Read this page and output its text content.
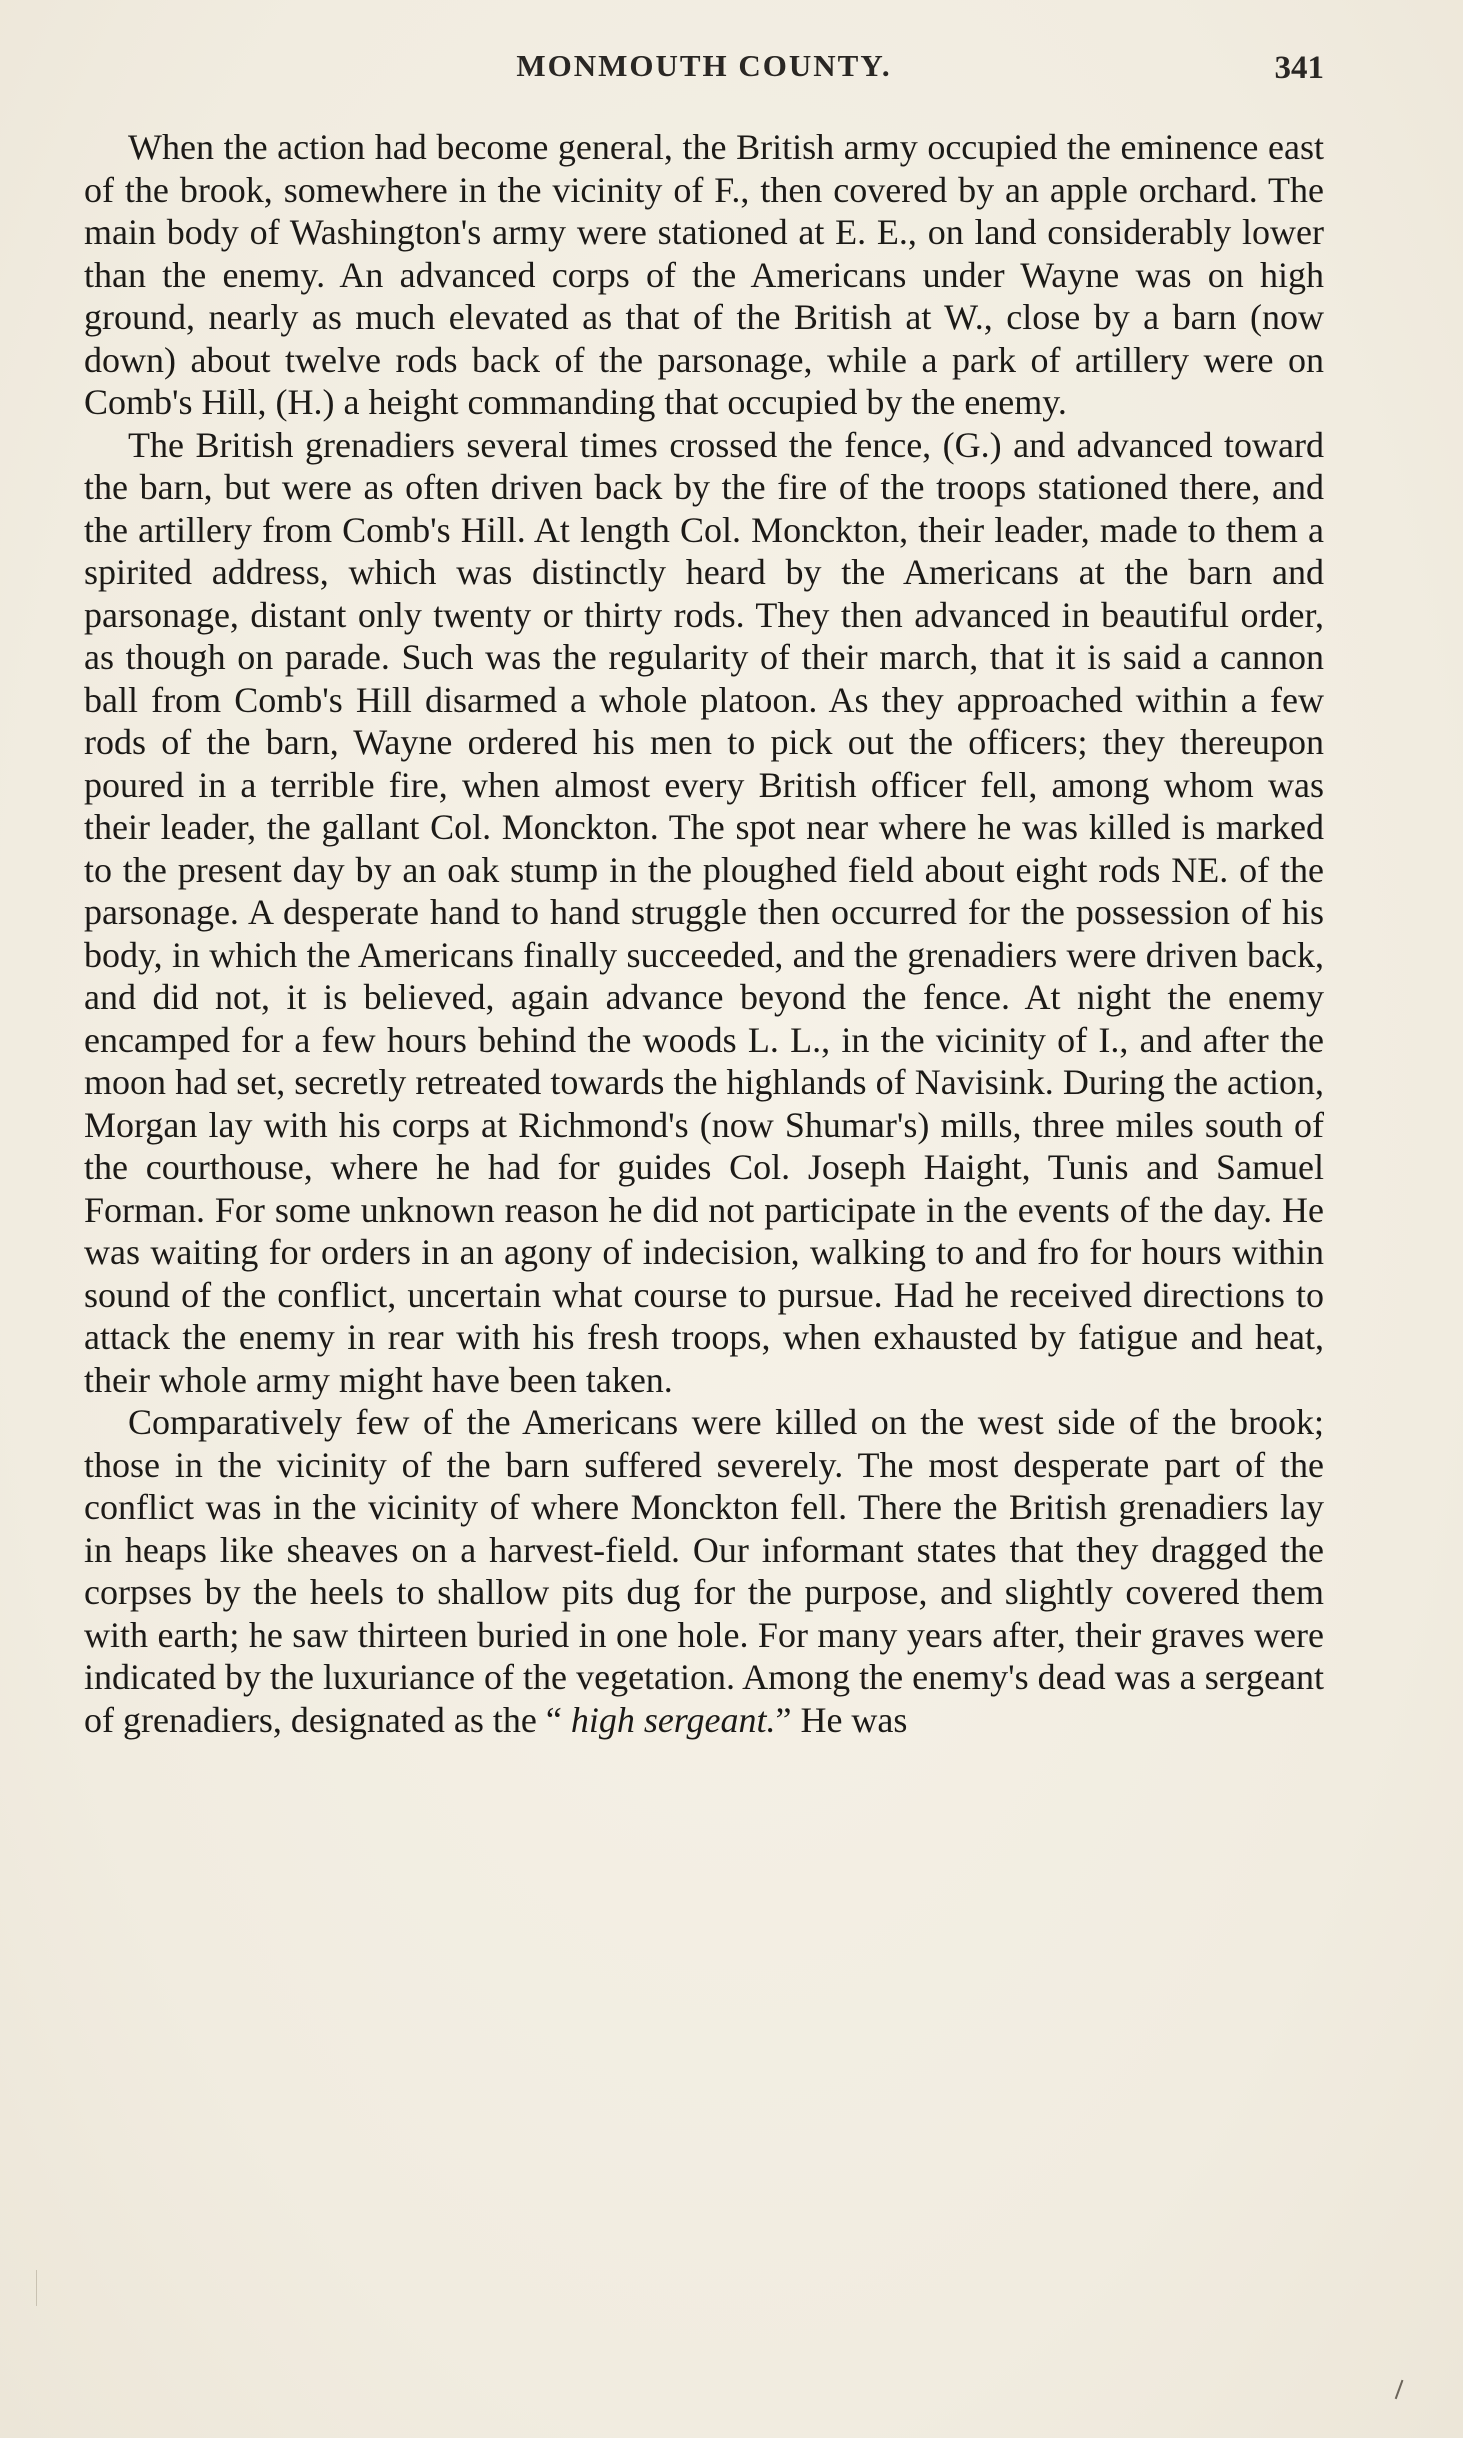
MONMOUTH COUNTY.	341

When the action had become general, the British army occupied the eminence east of the brook, somewhere in the vicinity of F., then covered by an apple orchard. The main body of Washington's army were stationed at E. E., on land considerably lower than the enemy. An advanced corps of the Americans under Wayne was on high ground, nearly as much elevated as that of the British at W., close by a barn (now down) about twelve rods back of the parsonage, while a park of artillery were on Comb's Hill, (H.) a height commanding that occupied by the enemy.

The British grenadiers several times crossed the fence, (G.) and advanced toward the barn, but were as often driven back by the fire of the troops stationed there, and the artillery from Comb's Hill. At length Col. Monckton, their leader, made to them a spirited address, which was distinctly heard by the Americans at the barn and parsonage, distant only twenty or thirty rods. They then advanced in beautiful order, as though on parade. Such was the regularity of their march, that it is said a cannon ball from Comb's Hill disarmed a whole platoon. As they approached within a few rods of the barn, Wayne ordered his men to pick out the officers; they thereupon poured in a terrible fire, when almost every British officer fell, among whom was their leader, the gallant Col. Monckton. The spot near where he was killed is marked to the present day by an oak stump in the ploughed field about eight rods NE. of the parsonage. A desperate hand to hand struggle then occurred for the possession of his body, in which the Americans finally succeeded, and the grenadiers were driven back, and did not, it is believed, again advance beyond the fence. At night the enemy encamped for a few hours behind the woods L. L., in the vicinity of I., and after the moon had set, secretly retreated towards the highlands of Navisink. During the action, Morgan lay with his corps at Richmond's (now Shumar's) mills, three miles south of the courthouse, where he had for guides Col. Joseph Haight, Tunis and Samuel Forman. For some unknown reason he did not participate in the events of the day. He was waiting for orders in an agony of indecision, walking to and fro for hours within sound of the conflict, uncertain what course to pursue. Had he received directions to attack the enemy in rear with his fresh troops, when exhausted by fatigue and heat, their whole army might have been taken.

Comparatively few of the Americans were killed on the west side of the brook; those in the vicinity of the barn suffered severely. The most desperate part of the conflict was in the vicinity of where Monckton fell. There the British grenadiers lay in heaps like sheaves on a harvest-field. Our informant states that they dragged the corpses by the heels to shallow pits dug for the purpose, and slightly covered them with earth; he saw thirteen buried in one hole. For many years after, their graves were indicated by the luxuriance of the vegetation. Among the enemy's dead was a sergeant of grenadiers, designated as the “ high sergeant.” He was
